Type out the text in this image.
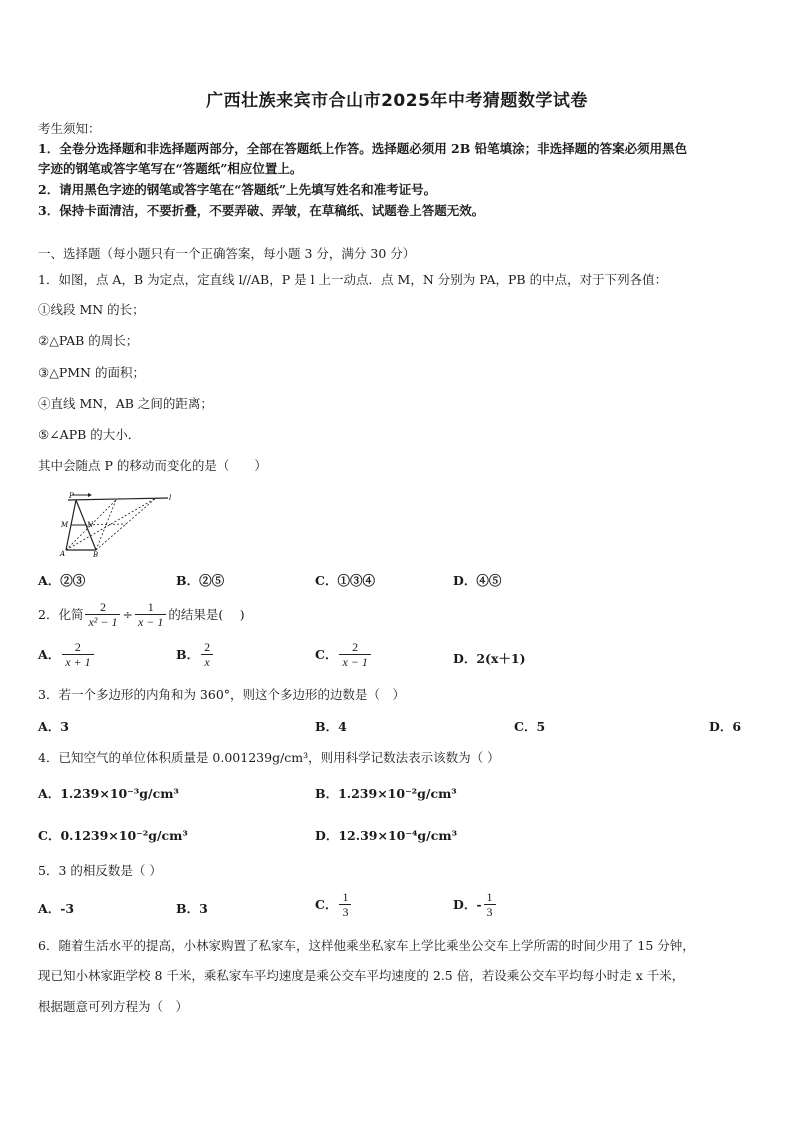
广西壮族来宾市合山市2025年中考猜题数学试卷
考生须知：
1．全卷分选择题和非选择题两部分，全部在答题纸上作答。选择题必须用 2B 铅笔填涂；非选择题的答案必须用黑色
字迹的钢笔或答字笔写在“答题纸”相应位置上。
2．请用黑色字迹的钢笔或答字笔在“答题纸”上先填写姓名和准考证号。
3．保持卡面清洁，不要折叠，不要弄破、弄皱，在草稿纸、试题卷上答题无效。
一、选择题（每小题只有一个正确答案，每小题 3 分，满分 30 分）
1．如图，点 A，B 为定点，定直线 l//AB，P 是 l 上一动点．点 M，N 分别为 PA，PB 的中点，对于下列各值：
①线段 MN 的长；
②△PAB 的周长；
③△PMN 的面积；
④直线 MN，AB 之间的距离；
⑤∠APB 的大小．
其中会随点 P 的移动而变化的是（　　）
P	l
M	N
A	B
A．②③	B．②⑤	C．①③④	D．④⑤
2．化简 $\frac{2}{\text{x² − 1}} \div \frac{1}{x - 1}$ 的结果是(　 )
A． $\frac{2}{x + 1}$	B． $\frac{2}{x}$	C． $\frac{2}{x - 1}$	D．2(x＋1)
3．若一个多边形的内角和为 360°，则这个多边形的边数是（　）
A．3	B．4	C．5	D．6
4．已知空气的单位体积质量是 0.001239g/cm³，则用科学记数法表示该数为（ ）
A．1.239×10⁻³g/cm³	B．1.239×10⁻²g/cm³
C．0.1239×10⁻²g/cm³	D．12.39×10⁻⁴g/cm³
5．3 的相反数是（ ）
A．-3	B．3	C． $\frac{1}{3}$	D．- $\frac{1}{3}$
6．随着生活水平的提高，小林家购置了私家车，这样他乘坐私家车上学比乘坐公交车上学所需的时间少用了 15 分钟，
现已知小林家距学校 8 千米，乘私家车平均速度是乘公交车平均速度的 2.5 倍，若设乘公交车平均每小时走 x 千米，
根据题意可列方程为（　）
